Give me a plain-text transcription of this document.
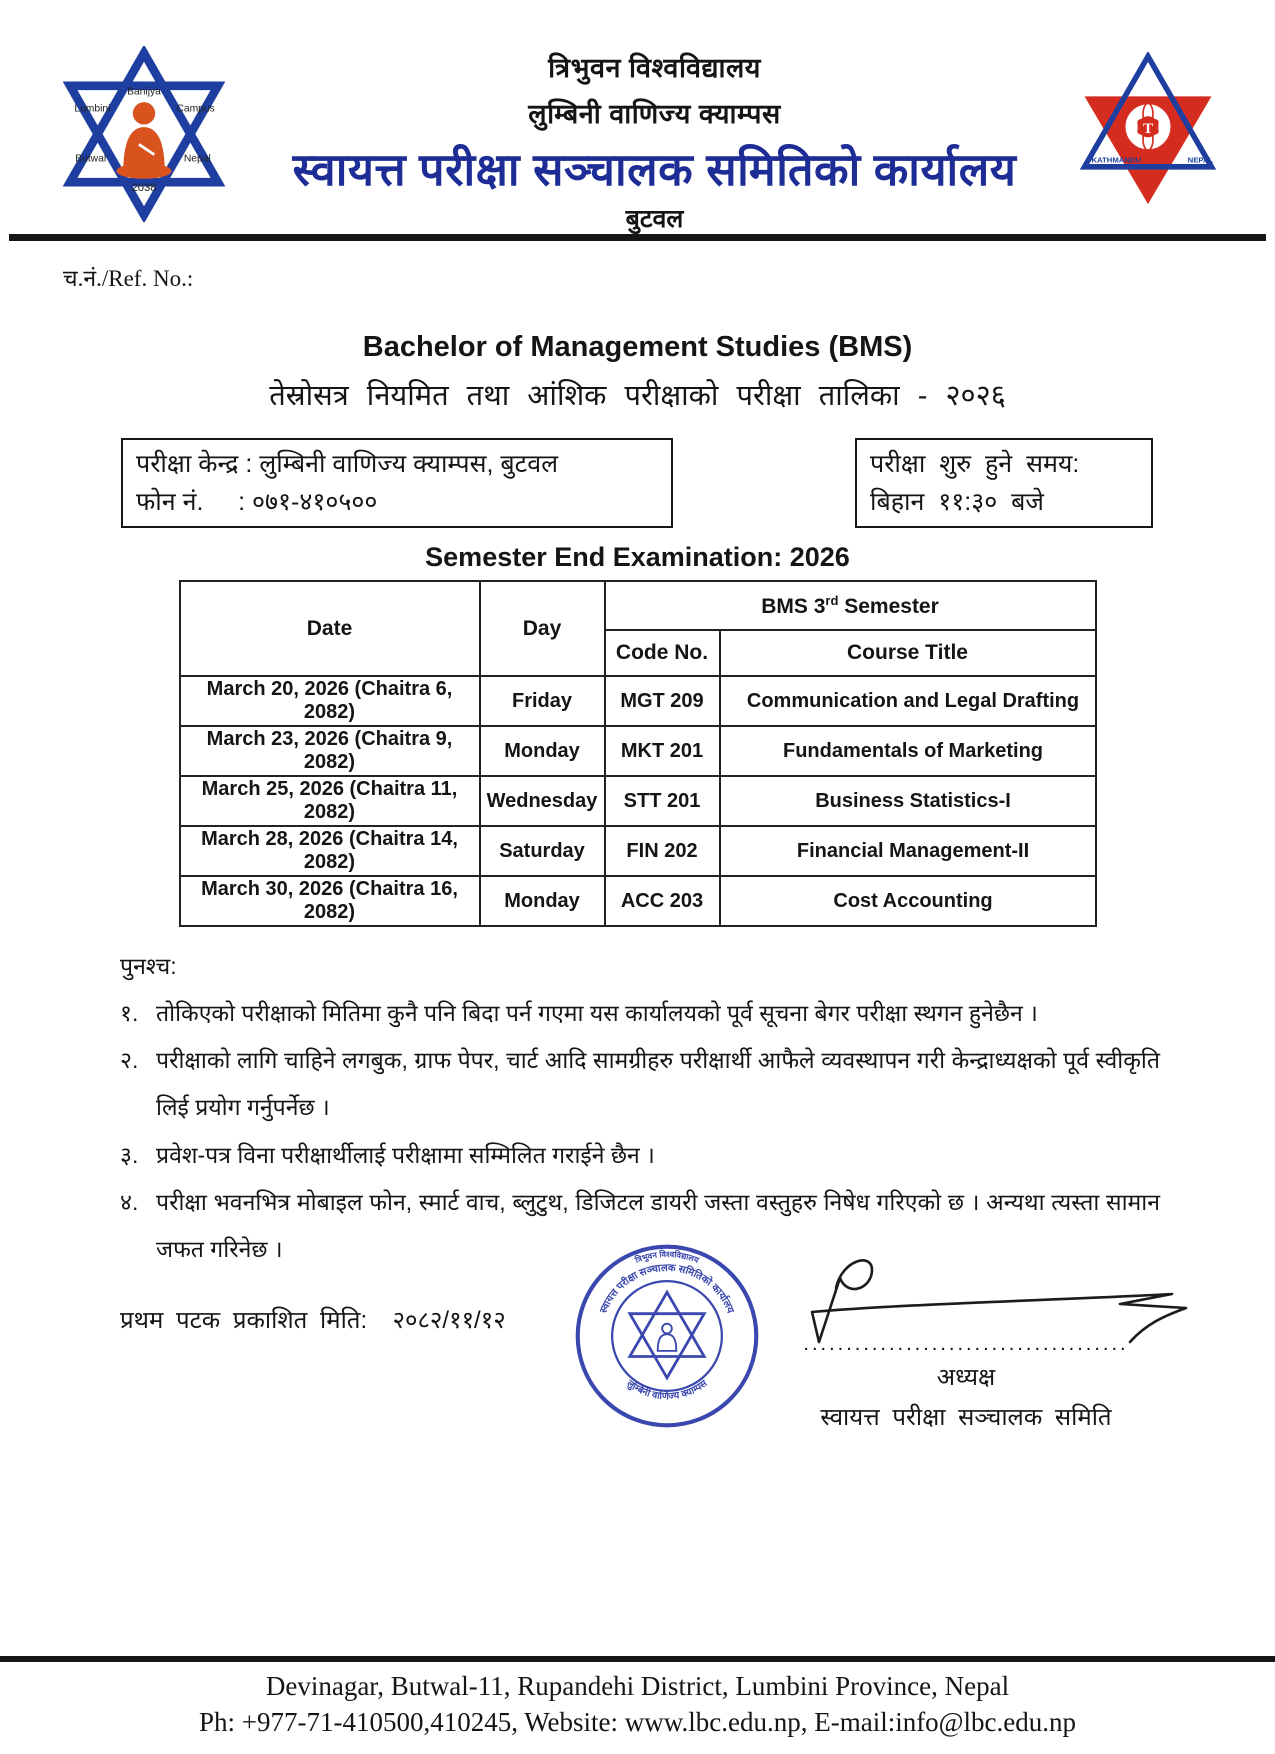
Banijya
Lumbini	Campus
Butwal	Nepal
2038
त्रिभुवन विश्वविद्यालय
लुम्बिनी वाणिज्य क्याम्पस
स्वायत्त परीक्षा सञ्चालक समितिको कार्यालय
बुटवल
T
KATHMANDU	NEPAL
च.नं./Ref. No.:
Bachelor of Management Studies (BMS)
तेस्रोसत्र नियमित तथा आंशिक परीक्षाको परीक्षा तालिका - २०२६
परीक्षा केन्द्र : लुम्बिनी वाणिज्य क्याम्पस, बुटवल
फोन नं.     : ०७१-४१०५००
परीक्षा  शुरु  हुने  समय:
बिहान  ११:३०  बजे
Semester End Examination: 2026
Date	Day	BMS 3rd Semester	
		Code No.	Course Title
March 20, 2026 (Chaitra 6, 2082)	Friday	MGT 209	Communication and Legal Drafting
March 23, 2026 (Chaitra 9, 2082)	Monday	MKT 201	Fundamentals of Marketing
March 25, 2026 (Chaitra 11, 2082)	Wednesday	STT 201	Business Statistics-I
March 28, 2026 (Chaitra 14, 2082)	Saturday	FIN 202	Financial Management-II
March 30, 2026 (Chaitra 16, 2082)	Monday	ACC 203	Cost Accounting
पुनश्च:
१. तोकिएको परीक्षाको मितिमा कुनै पनि बिदा पर्न गएमा यस कार्यालयको पूर्व सूचना बेगर परीक्षा स्थगन हुनेछैन ।
२. परीक्षाको लागि चाहिने लगबुक, ग्राफ पेपर, चार्ट आदि सामग्रीहरु परीक्षार्थी आफैले व्यवस्थापन गरी केन्द्राध्यक्षको पूर्व स्वीकृति लिई प्रयोग गर्नुपर्नेछ ।
३. प्रवेश-पत्र विना परीक्षार्थीलाई परीक्षामा सम्मिलित गराईने छैन ।
४. परीक्षा भवनभित्र मोबाइल फोन, स्मार्ट वाच, ब्लुटुथ, डिजिटल डायरी जस्ता वस्तुहरु निषेध गरिएको छ । अन्यथा त्यस्ता सामान जफत गरिनेछ ।
प्रथम पटक प्रकाशित मिति:  २०८२/११/१२
त्रिभुवन विश्वविद्यालय
स्वायत्त परीक्षा सञ्चालक समितिको कार्यालय
लुम्बिनी वाणिज्य क्याम्पस
......................................
अध्यक्ष
स्वायत्त परीक्षा सञ्चालक समिति
Devinagar, Butwal-11, Rupandehi District, Lumbini Province, Nepal
Ph: +977-71-410500,410245, Website: www.lbc.edu.np, E-mail:info@lbc.edu.np
